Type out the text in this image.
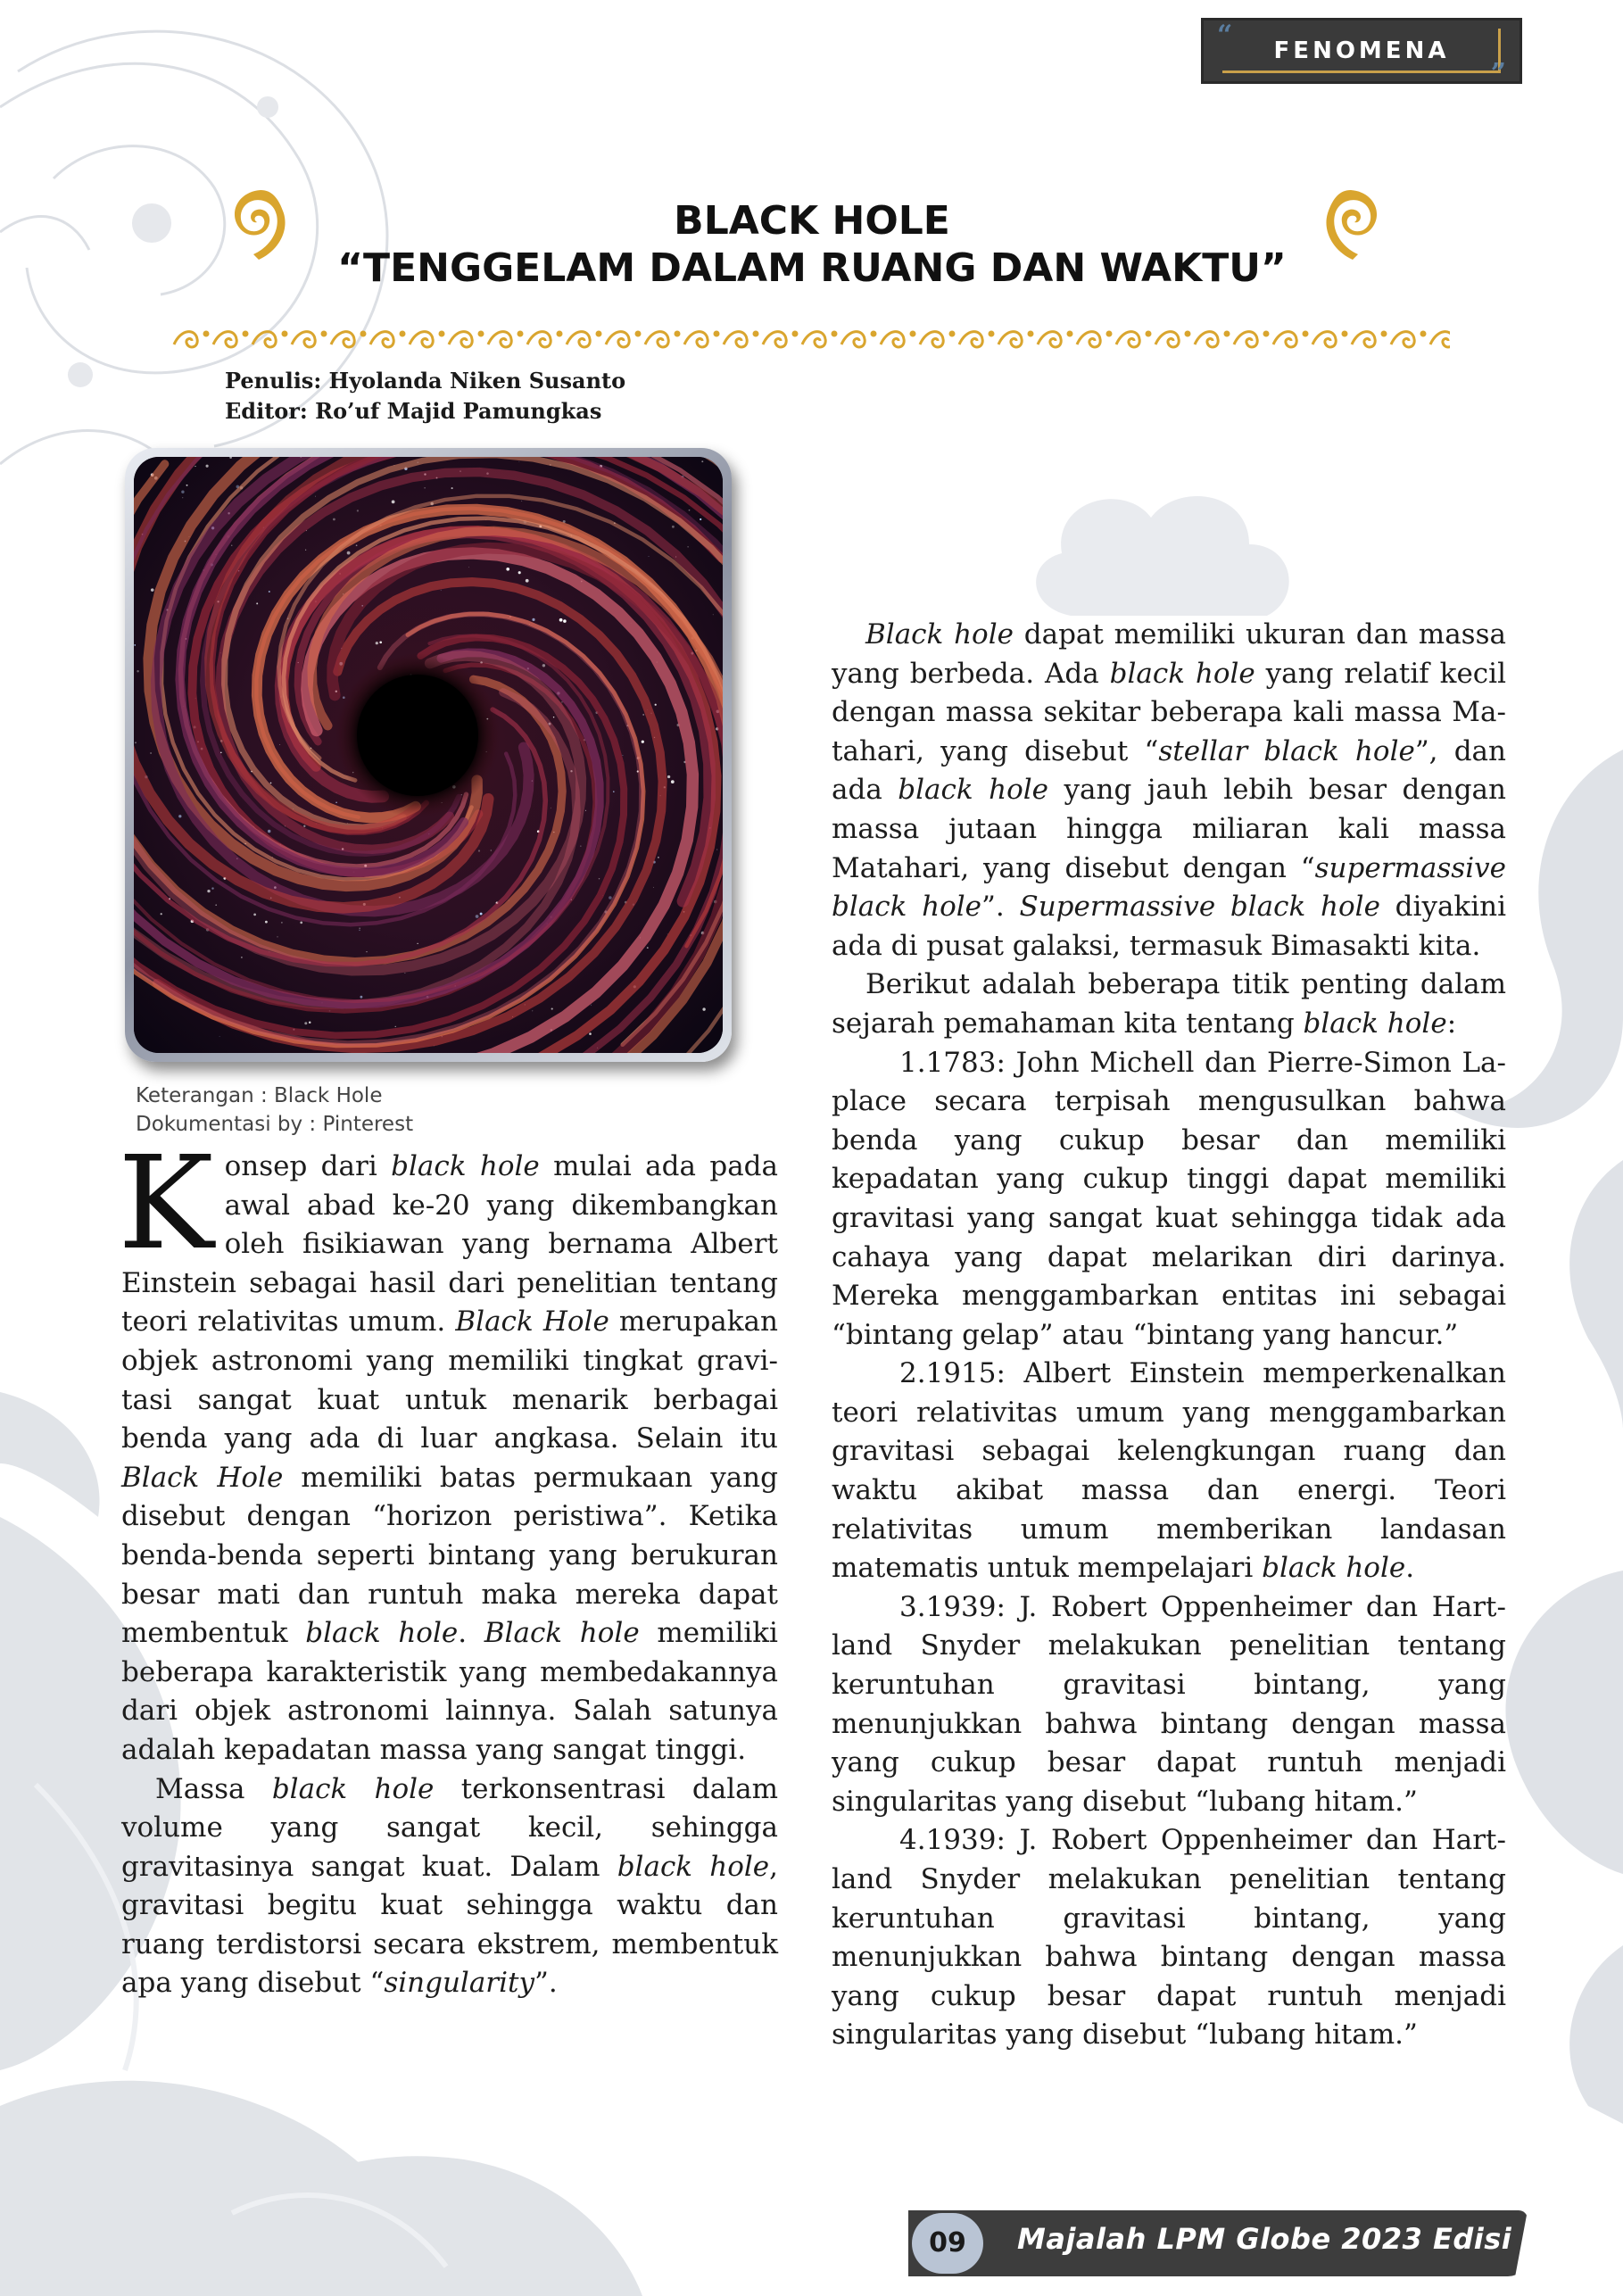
“	FENOMENA
”
BLACK HOLE
“TENGGELAM DALAM RUANG DAN WAKTU”
Penulis: Hyolanda Niken Susanto
Editor: Ro’uf Majid Pamungkas
Keterangan : Black Hole
Dokumentasi by : Pinterest

Konsep dari black hole mulai ada pada awal abad ke-20 yang dikembangkan oleh fisikiawan yang bernama Albert Einstein sebagai hasil dari penelitian tentang teori relativitas umum. Black Hole merupakan objek astronomi yang memiliki tingkat gravitasi sangat kuat untuk menarik berbagai benda yang ada di luar angkasa. Selain itu Black Hole memiliki batas permukaan yang disebut dengan “horizon peristiwa”. Ketika benda-benda seperti bintang yang berukuran besar mati dan runtuh maka mereka dapat membentuk black hole. Black hole memiliki beberapa karakteristik yang membedakannya dari objek astronomi lainnya. Salah satunya adalah kepadatan massa yang sangat tinggi.

Massa black hole terkonsentrasi dalam volume yang sangat kecil, sehingga gravitasinya sangat kuat. Dalam black hole, gravitasi begitu kuat sehingga waktu dan ruang terdistorsi secara ekstrem, membentuk apa yang disebut “singularity”.

Black hole dapat memiliki ukuran dan massa yang berbeda. Ada black hole yang relatif kecil dengan massa sekitar beberapa kali massa Matahari, yang disebut “stellar black hole”, dan ada black hole yang jauh lebih besar dengan massa jutaan hingga miliaran kali massa Matahari, yang disebut dengan “supermassive black hole”. Supermassive black hole diyakini ada di pusat galaksi, termasuk Bimasakti kita.

Berikut adalah beberapa titik penting dalam sejarah pemahaman kita tentang black hole:

1.1783: John Michell dan Pierre-Simon Laplace secara terpisah mengusulkan bahwa benda yang cukup besar dan memiliki kepadatan yang cukup tinggi dapat memiliki gravitasi yang sangat kuat sehingga tidak ada cahaya yang dapat melarikan diri darinya. Mereka menggambarkan entitas ini sebagai “bintang gelap” atau “bintang yang hancur.”

2.1915: Albert Einstein memperkenalkan teori relativitas umum yang menggambarkan gravitasi sebagai kelengkungan ruang dan waktu akibat massa dan energi. Teori relativitas umum memberikan landasan matematis untuk mempelajari black hole.

3.1939: J. Robert Oppenheimer dan Hartland Snyder melakukan penelitian tentang keruntuhan gravitasi bintang, yang menunjukkan bahwa bintang dengan massa yang cukup besar dapat runtuh menjadi singularitas yang disebut “lubang hitam.”

4.1939: J. Robert Oppenheimer dan Hartland Snyder melakukan penelitian tentang keruntuhan gravitasi bintang, yang menunjukkan bahwa bintang dengan massa yang cukup besar dapat runtuh menjadi singularitas yang disebut “lubang hitam.”

09	Majalah LPM Globe 2023 Edisi I
